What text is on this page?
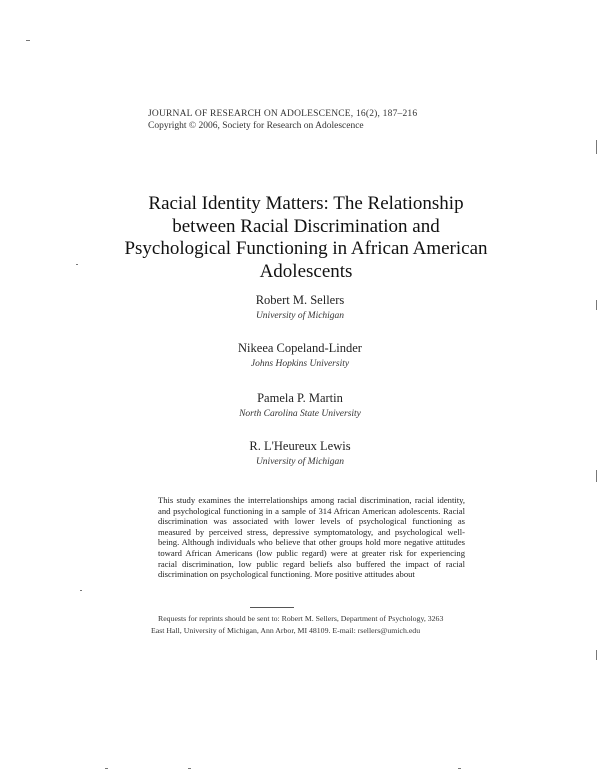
JOURNAL OF RESEARCH ON ADOLESCENCE, 16(2), 187–216
Copyright © 2006, Society for Research on Adolescence
Racial Identity Matters: The Relationship between Racial Discrimination and Psychological Functioning in African American Adolescents
Robert M. Sellers
University of Michigan
Nikeea Copeland-Linder
Johns Hopkins University
Pamela P. Martin
North Carolina State University
R. L'Heureux Lewis
University of Michigan
This study examines the interrelationships among racial discrimination, racial identity, and psychological functioning in a sample of 314 African American adolescents. Racial discrimination was associated with lower levels of psychological functioning as measured by perceived stress, depressive symptomatology, and psychological well-being. Although individuals who believe that other groups hold more negative attitudes toward African Americans (low public regard) were at greater risk for experiencing racial discrimination, low public regard beliefs also buffered the impact of racial discrimination on psychological functioning. More positive attitudes about
Requests for reprints should be sent to: Robert M. Sellers, Department of Psychology, 3263
East Hall, University of Michigan, Ann Arbor, MI 48109. E-mail: rsellers@umich.edu
